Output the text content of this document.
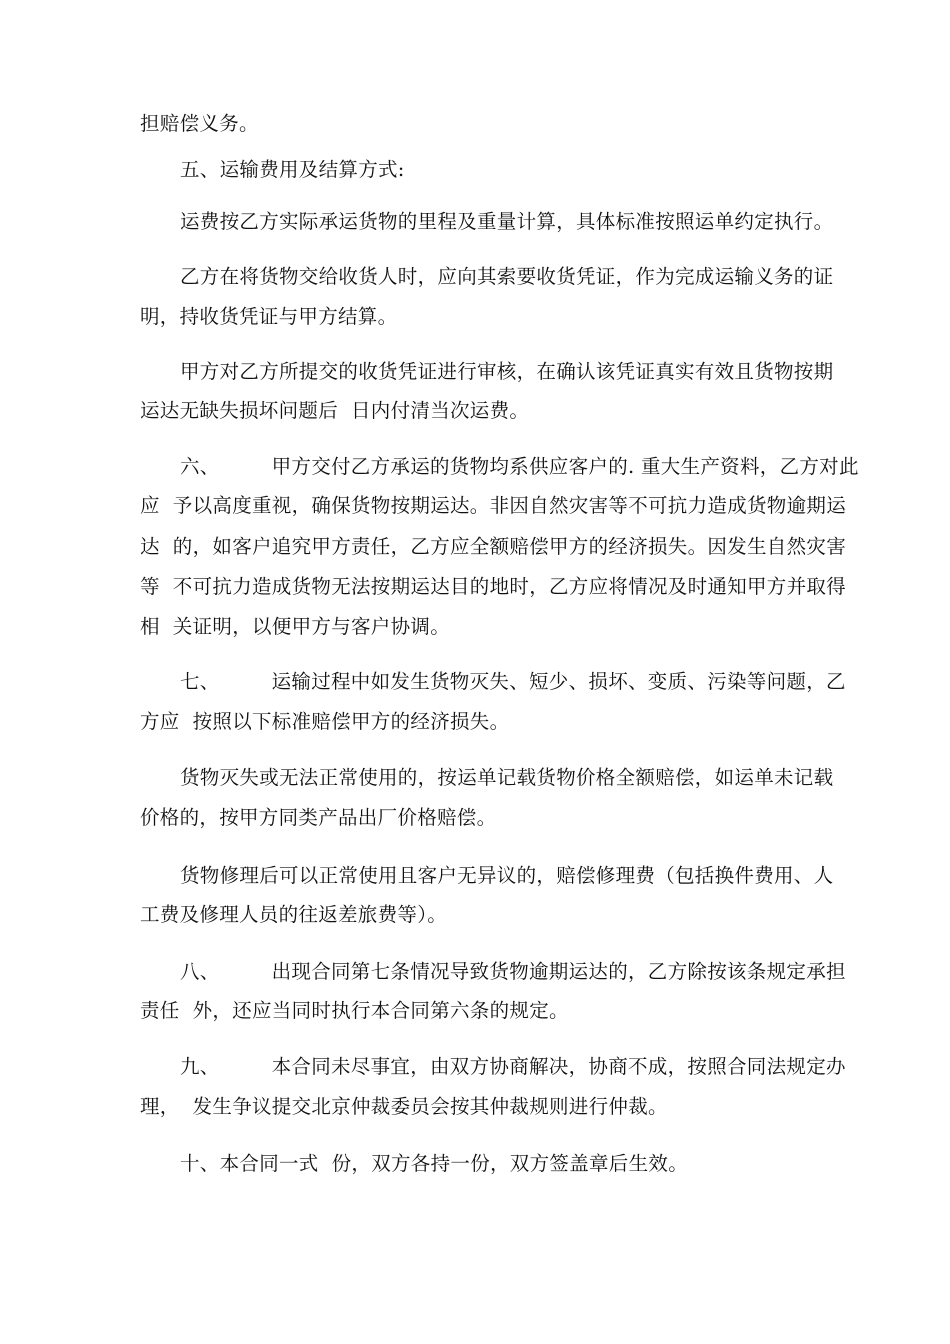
担赔偿义务。
五、运输费用及结算方式:
运费按乙方实际承运货物的里程及重量计算，具体标准按照运单约定执行。
乙方在将货物交给收货人时，应向其索要收货凭证，作为完成运输义务的证
明，持收货凭证与甲方结算。
甲方对乙方所提交的收货凭证进行审核，在确认该凭证真实有效且货物按期
运达无缺失损坏问题后  日内付清当次运费。
六、        甲方交付乙方承运的货物均系供应客户的. 重大生产资料，乙方对此
应  予以高度重视，确保货物按期运达。非因自然灾害等不可抗力造成货物逾期运
达  的，如客户追究甲方责任，乙方应全额赔偿甲方的经济损失。因发生自然灾害
等  不可抗力造成货物无法按期运达目的地时，乙方应将情况及时通知甲方并取得
相  关证明，以便甲方与客户协调。
七、        运输过程中如发生货物灭失、短少、损坏、变质、污染等问题，乙
方应  按照以下标准赔偿甲方的经济损失。
货物灭失或无法正常使用的，按运单记载货物价格全额赔偿，如运单未记载
价格的，按甲方同类产品出厂价格赔偿。
货物修理后可以正常使用且客户无异议的，赔偿修理费（包括换件费用、人
工费及修理人员的往返差旅费等）。
八、        出现合同第七条情况导致货物逾期运达的，乙方除按该条规定承担
责任  外，还应当同时执行本合同第六条的规定。
九、        本合同未尽事宜，由双方协商解决，协商不成，按照合同法规定办
理，  发生争议提交北京仲裁委员会按其仲裁规则进行仲裁。
十、本合同一式  份，双方各持一份，双方签盖章后生效。
